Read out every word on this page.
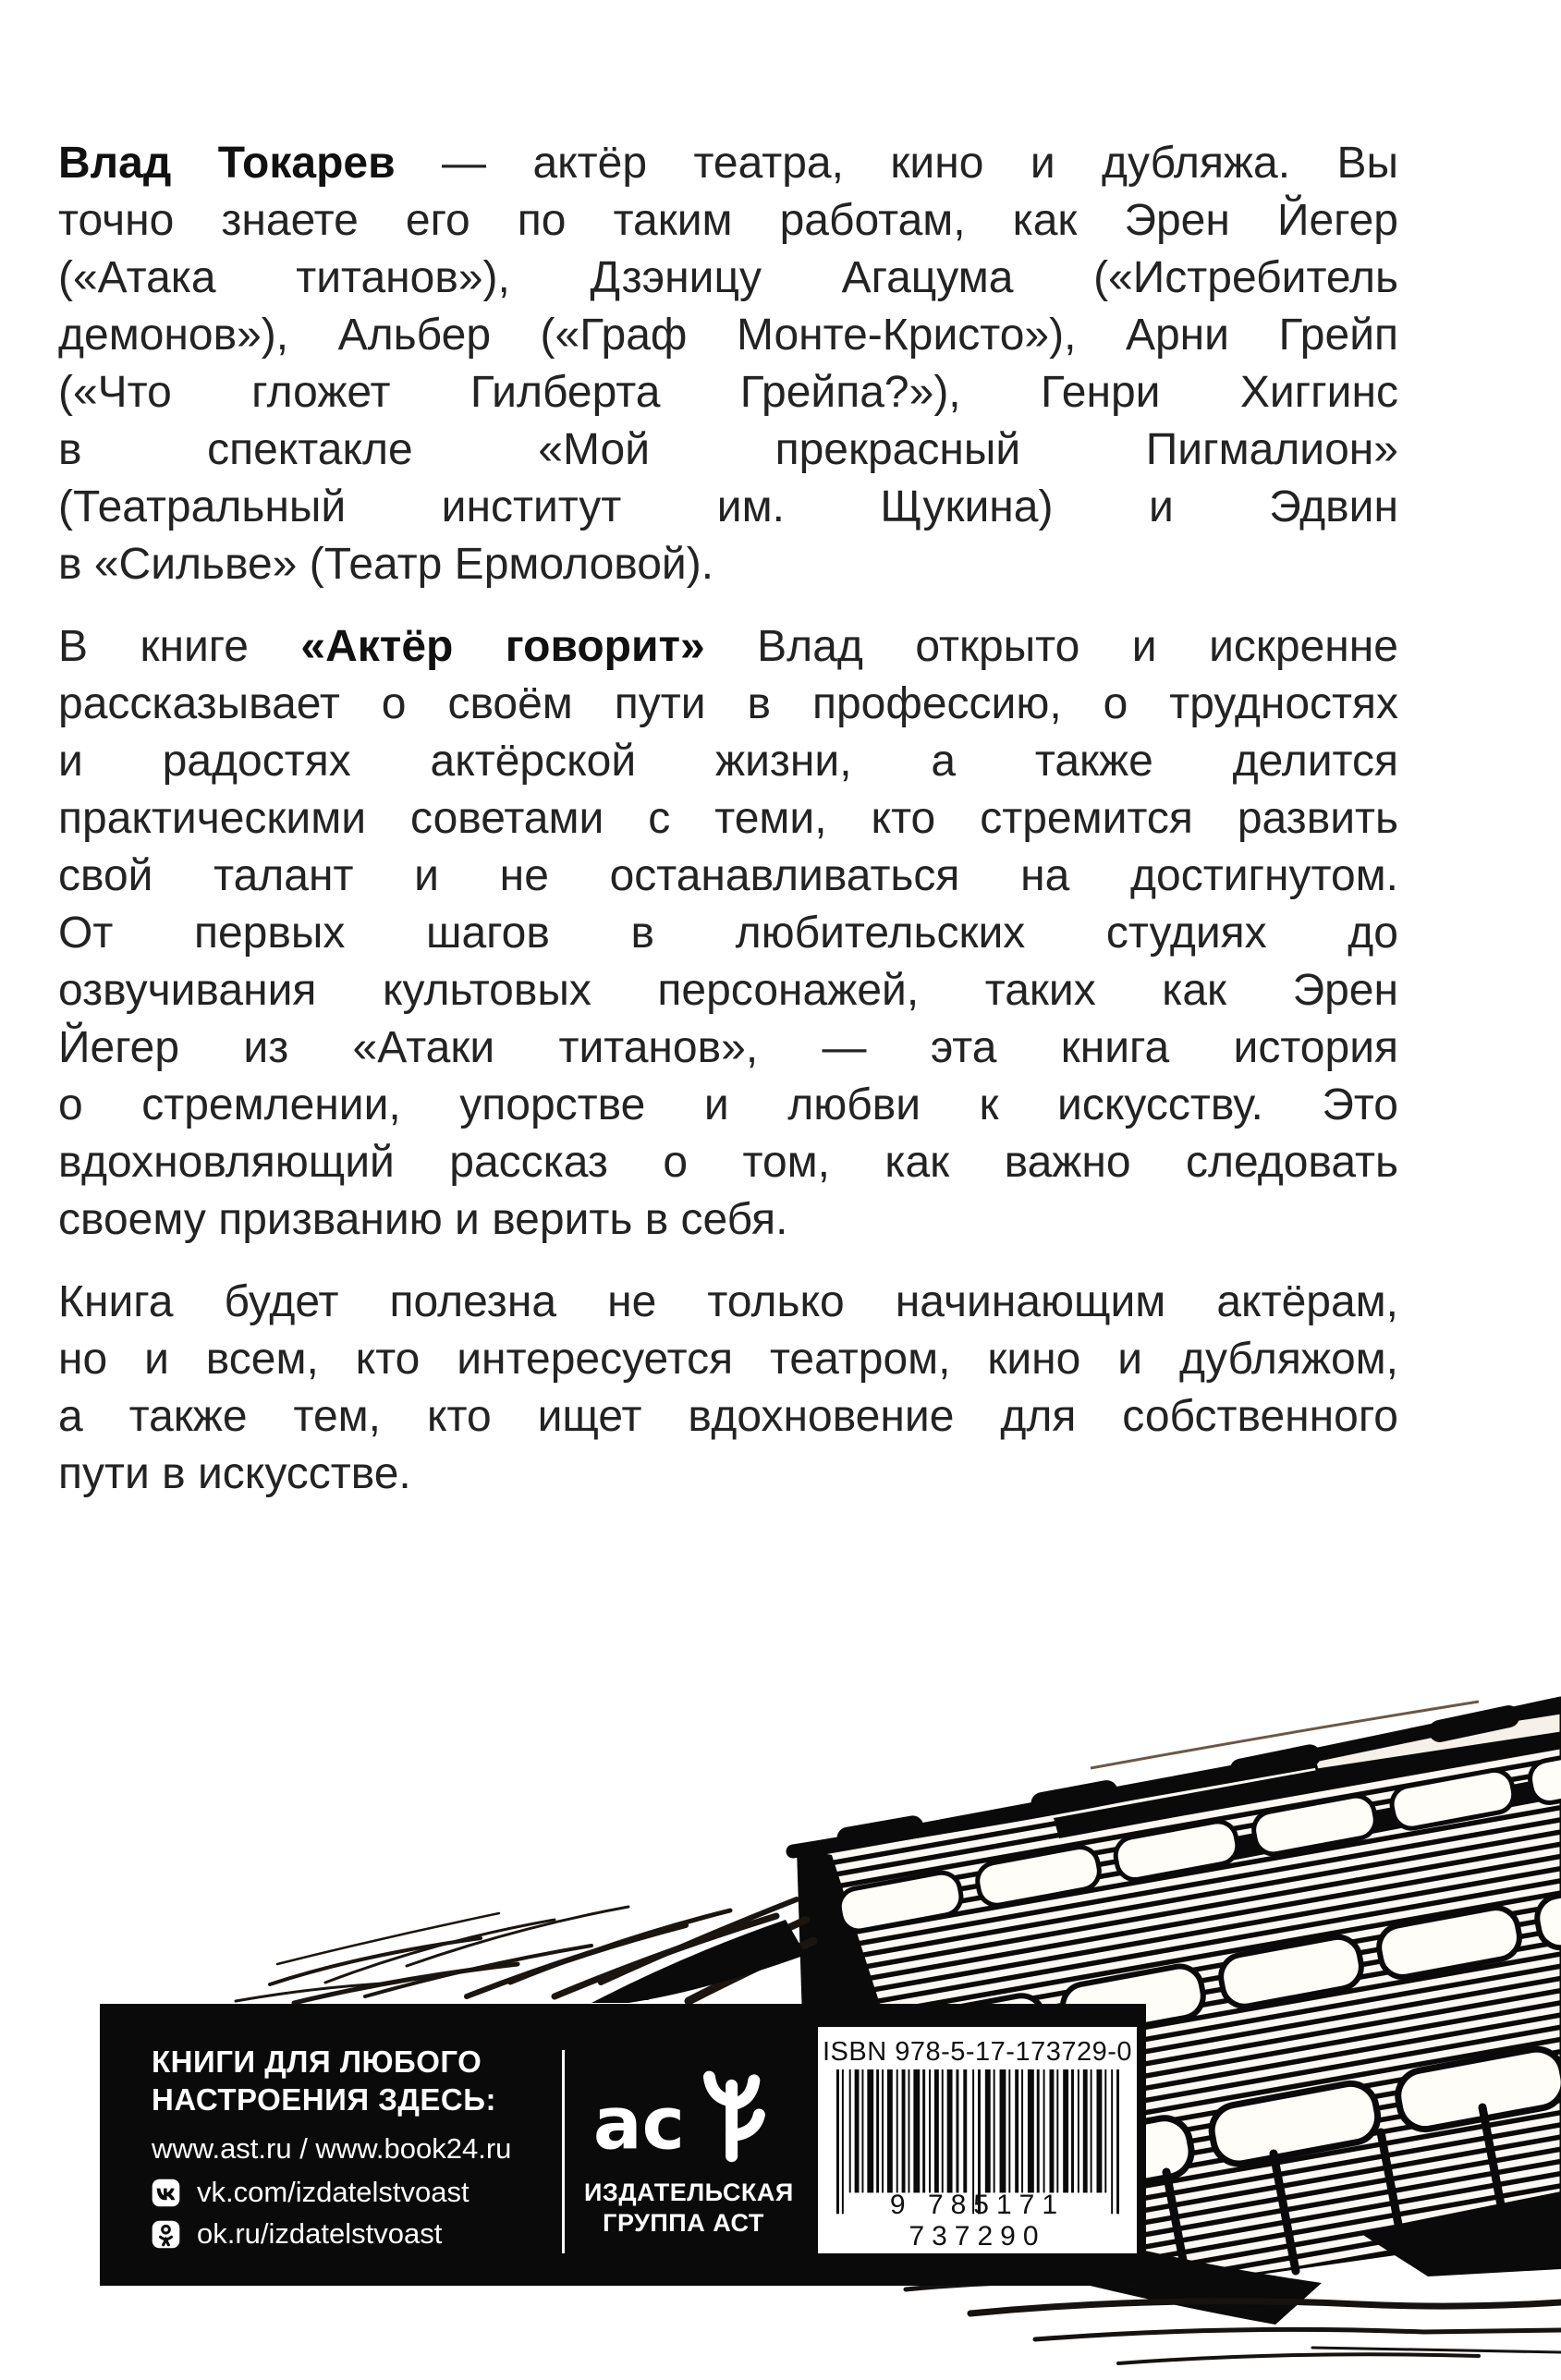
Влад Токарев — актёр театра, кино и дубляжа. Вы
точно знаете его по таким работам, как Эрен Йегер
(«Атака титанов»), Дзэницу Агацума («Истребитель
демонов»), Альбер («Граф Монте-Кристо»), Арни Грейп
(«Что гложет Гилберта Грейпа?»), Генри Хиггинс
в спектакле «Мой прекрасный Пигмалион»
(Театральный институт им. Щукина) и Эдвин
в «Сильве» (Театр Ермоловой).
В книге «Актёр говорит» Влад открыто и искренне
рассказывает о своём пути в профессию, о трудностях
и радостях актёрской жизни, а также делится
практическими советами с теми, кто стремится развить
свой талант и не останавливаться на достигнутом.
От первых шагов в любительских студиях до
озвучивания культовых персонажей, таких как Эрен
Йегер из «Атаки титанов», — эта книга история
о стремлении, упорстве и любви к искусству. Это
вдохновляющий рассказ о том, как важно следовать
своему призванию и верить в себя.
Книга будет полезна не только начинающим актёрам,
но и всем, кто интересуется театром, кино и дубляжом,
а также тем, кто ищет вдохновение для собственного
пути в искусстве.
КНИГИ ДЛЯ ЛЮБОГО
НАСТРОЕНИЯ ЗДЕСЬ:
www.ast.ru / www.book24.ru
vk.com/izdatelstvoast
ok.ru/izdatelstvoast
ас
ИЗДАТЕЛЬСКАЯ
ГРУППА АСТ
ISBN 978-5-17-173729-0
9 785171 737290
